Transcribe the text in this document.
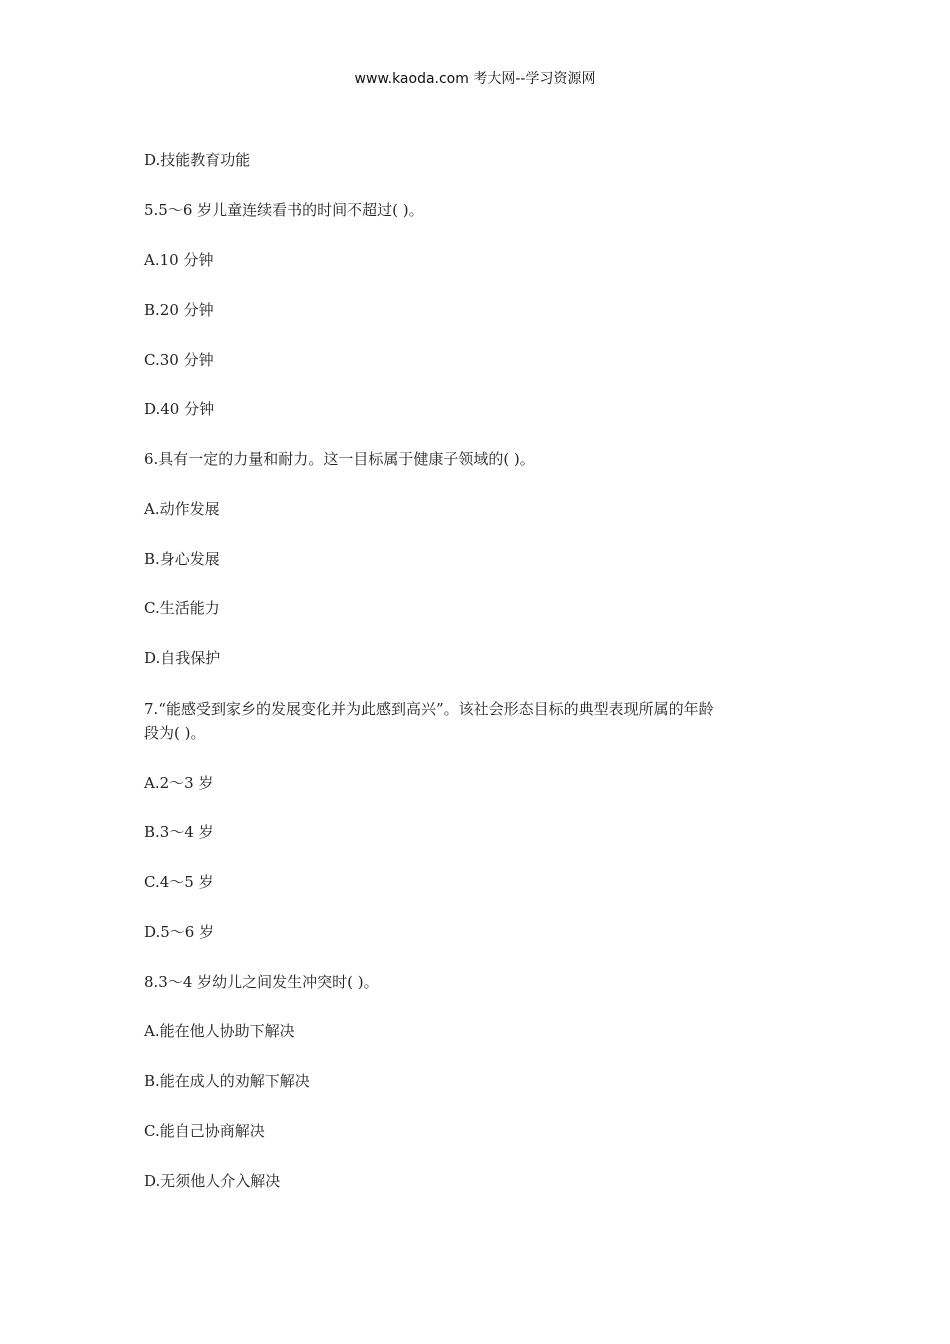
www.kaoda.com 考大网--学习资源网
D.技能教育功能
5.5～6 岁儿童连续看书的时间不超过( )。
A.10 分钟
B.20 分钟
C.30 分钟
D.40 分钟
6.具有一定的力量和耐力。这一目标属于健康子领域的( )。
A.动作发展
B.身心发展
C.生活能力
D.自我保护
7.“能感受到家乡的发展变化并为此感到高兴”。该社会形态目标的典型表现所属的年龄
段为( )。
A.2～3 岁
B.3～4 岁
C.4～5 岁
D.5～6 岁
8.3～4 岁幼儿之间发生冲突时( )。
A.能在他人协助下解决
B.能在成人的劝解下解决
C.能自己协商解决
D.无须他人介入解决
